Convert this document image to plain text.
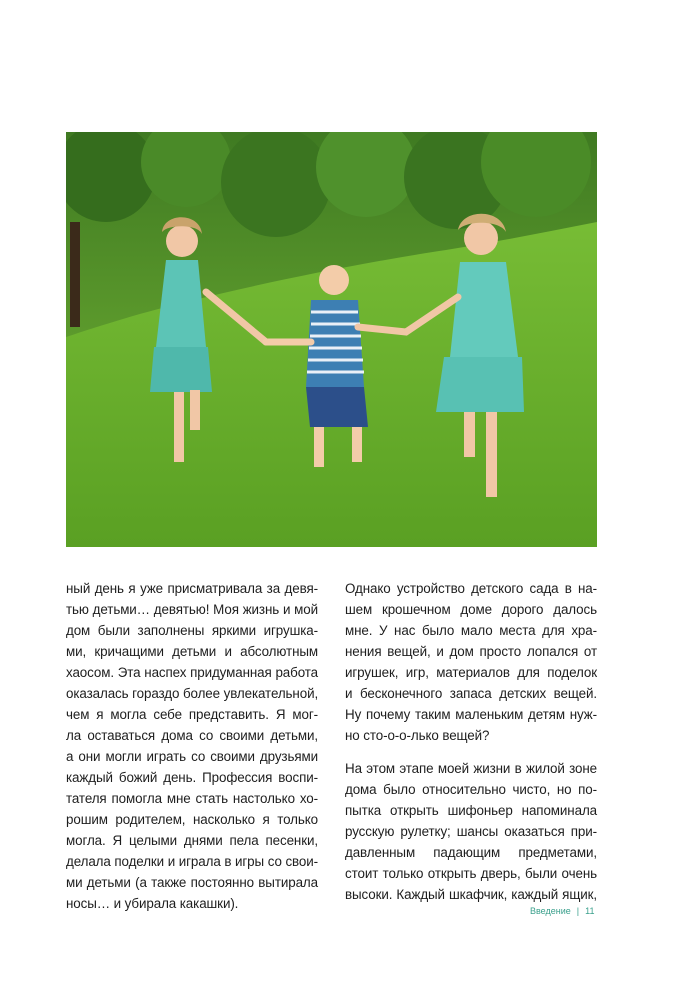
ный день я уже присматривала за девя-
тью детьми… девятью! Моя жизнь и мой
дом были заполнены яркими игрушка-
ми, кричащими детьми и абсолютным
хаосом. Эта наспех придуманная работа
оказалась гораздо более увлекательной,
чем я могла себе представить. Я мог-
ла оставаться дома со своими детьми,
а они могли играть со своими друзьями
каждый божий день. Профессия воспи-
тателя помогла мне стать настолько хо-
рошим родителем, насколько я только
могла. Я целыми днями пела песенки,
делала поделки и играла в игры со свои-
ми детьми (а также постоянно вытирала
носы… и убирала какашки).

Однако устройство детского сада в на-
шем крошечном доме дорого далось
мне. У нас было мало места для хра-
нения вещей, и дом просто лопался от
игрушек, игр, материалов для поделок
и бесконечного запаса детских вещей.
Ну почему таким маленьким детям нуж-
но сто-о-о-лько вещей?

На этом этапе моей жизни в жилой зоне
дома было относительно чисто, но по-
пытка открыть шифоньер напоминала
русскую рулетку; шансы оказаться при-
давленным падающим предметами,
стоит только открыть дверь, были очень
высоки. Каждый шкафчик, каждый ящик,

Введение | 11
